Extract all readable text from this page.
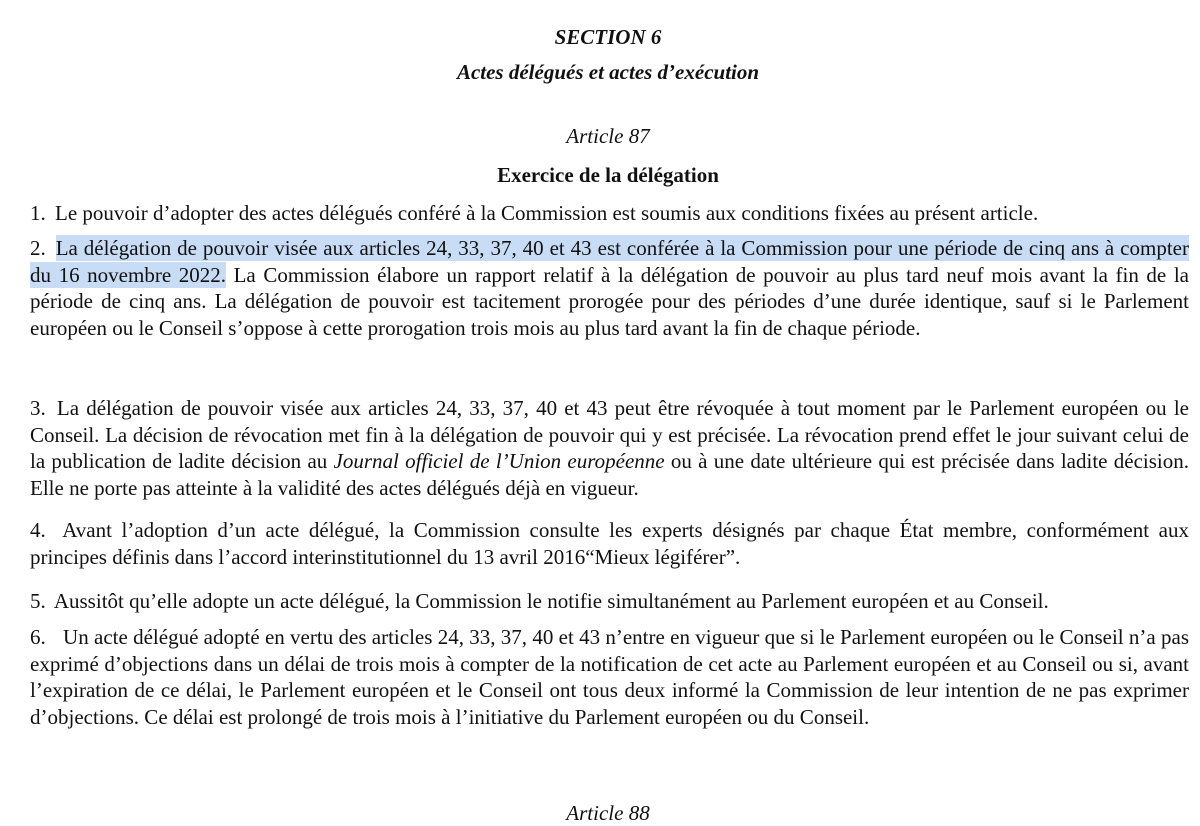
SECTION 6
Actes délégués et actes d’exécution
Article 87
Exercice de la délégation

1. Le pouvoir d’adopter des actes délégués conféré à la Commission est soumis aux conditions fixées au présent article.

2. La délégation de pouvoir visée aux articles 24, 33, 37, 40 et 43 est conférée à la Commission pour une période de cinq ans à compter du 16 novembre 2022. La Commission élabore un rapport relatif à la délégation de pouvoir au plus tard neuf mois avant la fin de la période de cinq ans. La délégation de pouvoir est tacitement prorogée pour des périodes d’une durée identique, sauf si le Parlement européen ou le Conseil s’oppose à cette prorogation trois mois au plus tard avant la fin de chaque période.

3. La délégation de pouvoir visée aux articles 24, 33, 37, 40 et 43 peut être révoquée à tout moment par le Parlement européen ou le Conseil. La décision de révocation met fin à la délégation de pouvoir qui y est précisée. La révocation prend effet le jour suivant celui de la publication de ladite décision au Journal officiel de l’Union européenne ou à une date ultérieure qui est précisée dans ladite décision. Elle ne porte pas atteinte à la validité des actes délégués déjà en vigueur.

4. Avant l’adoption d’un acte délégué, la Commission consulte les experts désignés par chaque État membre, conformément aux principes définis dans l’accord interinstitutionnel du 13 avril 2016“Mieux légiférer”.

5. Aussitôt qu’elle adopte un acte délégué, la Commission le notifie simultanément au Parlement européen et au Conseil.

6. Un acte délégué adopté en vertu des articles 24, 33, 37, 40 et 43 n’entre en vigueur que si le Parlement européen ou le Conseil n’a pas exprimé d’objections dans un délai de trois mois à compter de la notification de cet acte au Parlement européen et au Conseil ou si, avant l’expiration de ce délai, le Parlement européen et le Conseil ont tous deux informé la Commission de leur intention de ne pas exprimer d’objections. Ce délai est prolongé de trois mois à l’initiative du Parlement européen ou du Conseil.

Article 88
